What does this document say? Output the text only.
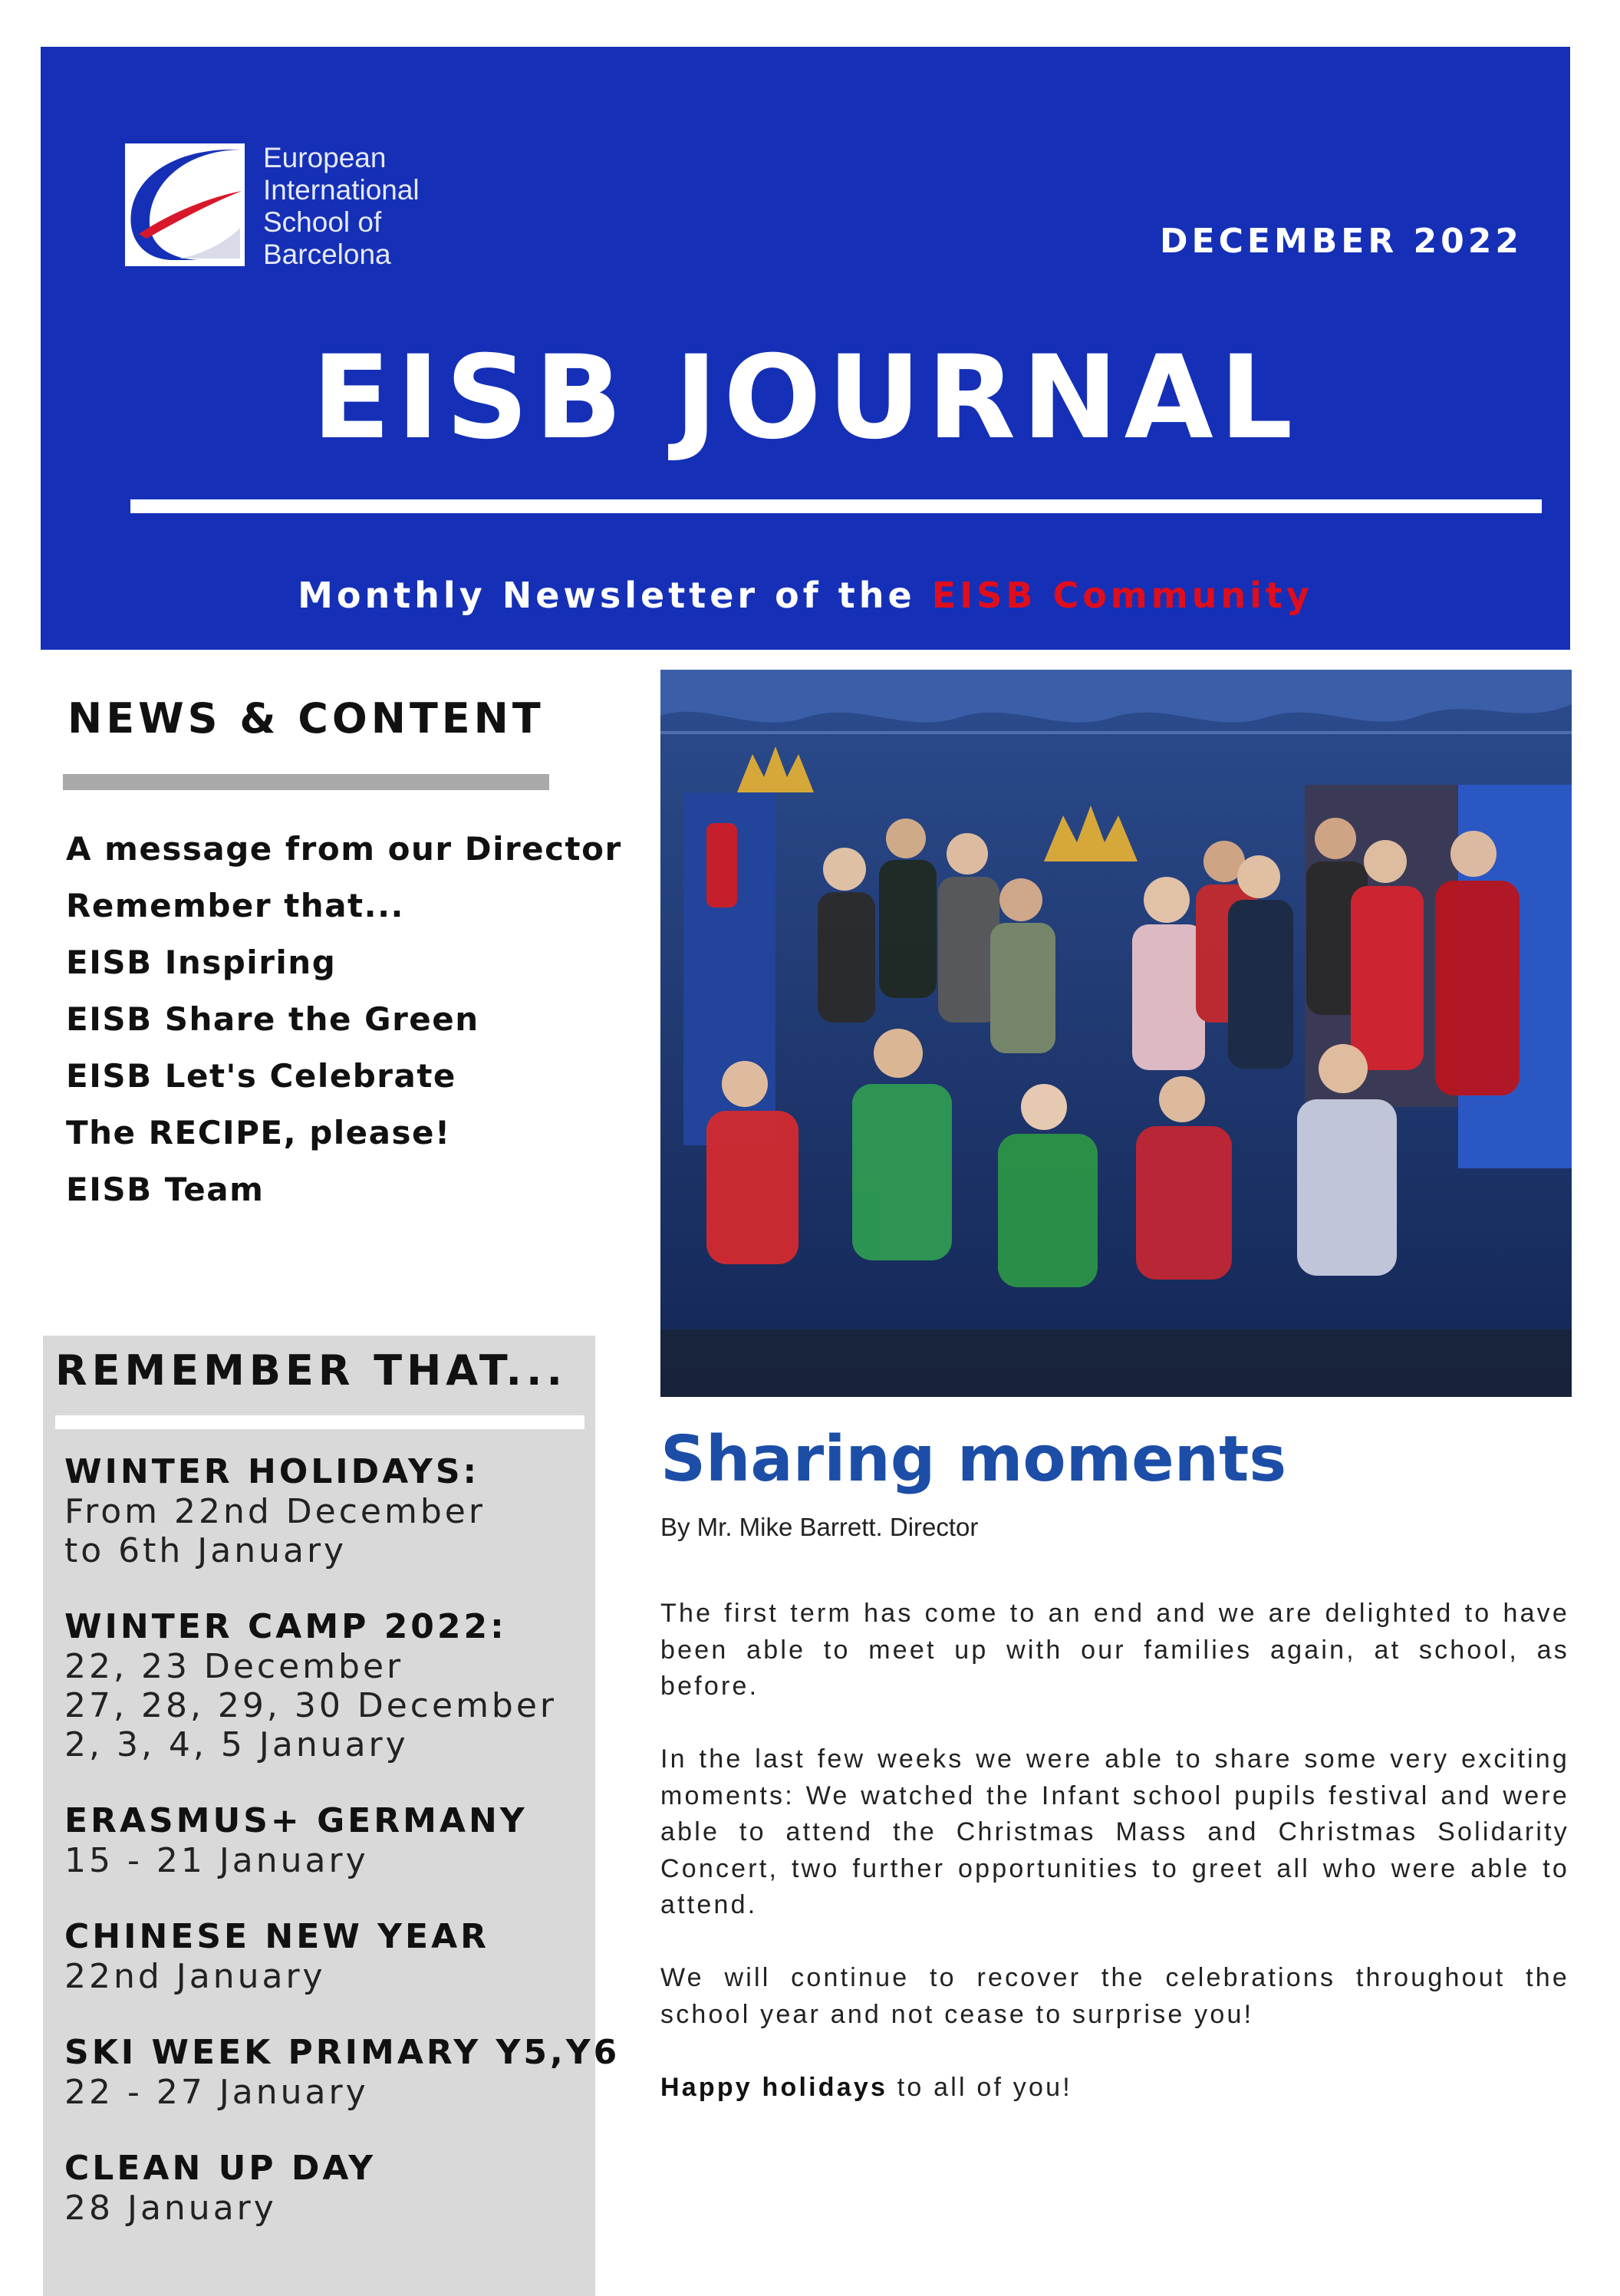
European
International
School of
Barcelona	DECEMBER 2022
EISB JOURNAL
Monthly Newsletter of the EISB Community
NEWS & CONTENT
A message from our Director
Remember that...
EISB Inspiring
EISB Share the Green
EISB Let's Celebrate
The RECIPE, please!
EISB Team
REMEMBER THAT...
WINTER HOLIDAYS:
From 22nd December
to 6th January
WINTER CAMP 2022:
22, 23 December
27, 28, 29, 30 December
2, 3, 4, 5 January
ERASMUS+ GERMANY
15 - 21 January
CHINESE NEW YEAR
22nd January
SKI WEEK PRIMARY Y5,Y6
22 - 27 January
CLEAN UP DAY
28 January
Sharing moments
By Mr. Mike Barrett. Director

The first term has come to an end and we are delighted to have been able to meet up with our families again, at school, as before.

In the last few weeks we were able to share some very exciting moments: We watched the Infant school pupils festival and were able to attend the Christmas Mass and Christmas Solidarity Concert, two further opportunities to greet all who were able to attend.

We will continue to recover the celebrations throughout the school year and not cease to surprise you!

Happy holidays to all of you!
